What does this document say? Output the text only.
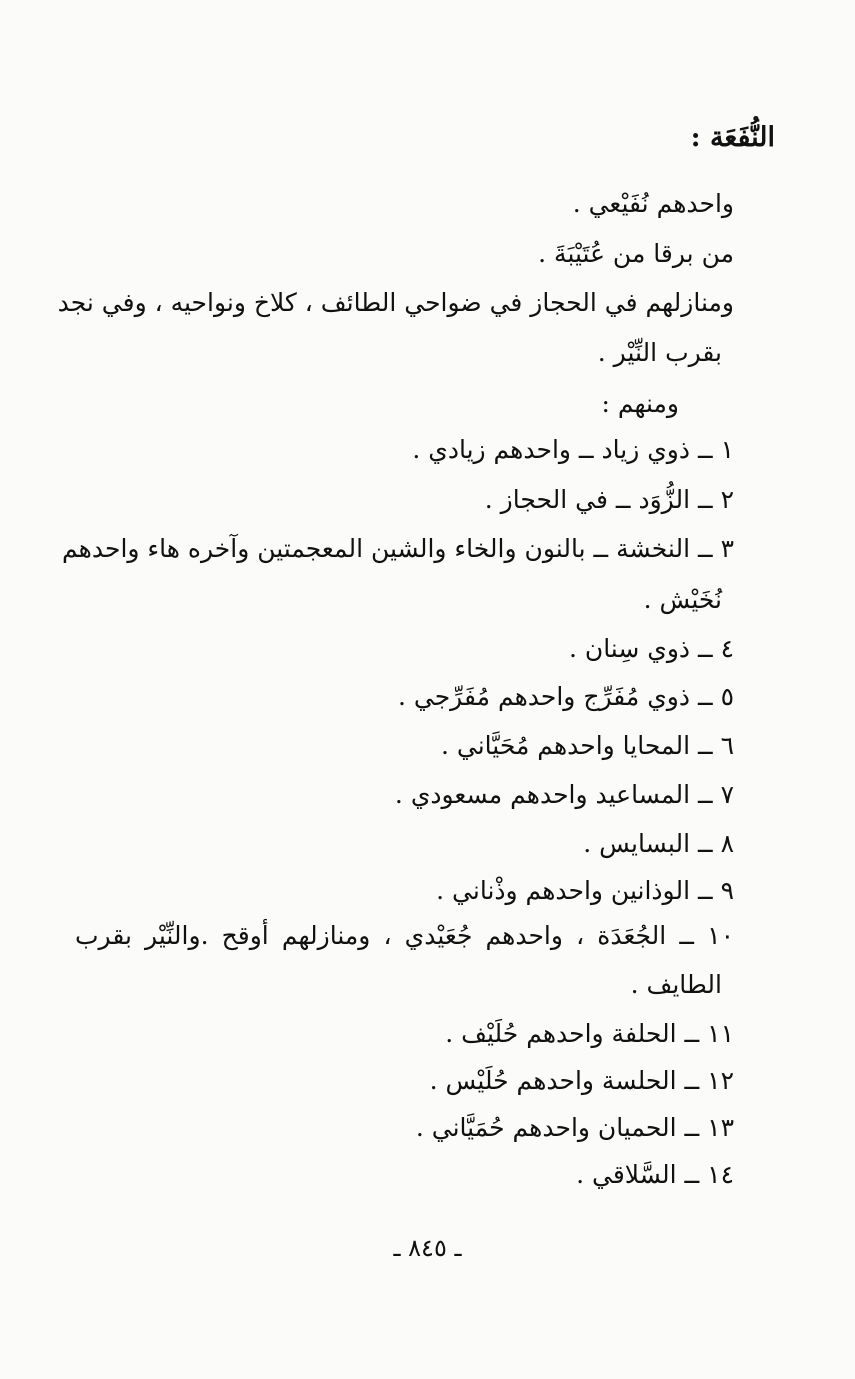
النُّفَعَة :
واحدهم نُفَيْعي .
من برقا من عُتَيْبَةَ .
ومنازلهم في الحجاز في ضواحي الطائف ، كلاخ ونواحيه ، وفي نجد
بقرب النِّيْر .
ومنهم :
١ ــ ذوي زياد ــ واحدهم زيادي .
٢ ــ الزُّوَد ــ في الحجاز .
٣ ــ النخشة ــ بالنون والخاء والشين المعجمتين وآخره هاء واحدهم
نُخَيْش .
٤ ــ ذوي سِنان .
٥ ــ ذوي مُفَرِّج واحدهم مُفَرِّجي .
٦ ــ المحايا واحدهم مُحَيَّاني .
٧ ــ المساعيد واحدهم مسعودي .
٨ ــ البسايس .
٩ ــ الوذانين واحدهم وذْناني .
١٠ ــ الجُعَدَة ، واحدهم جُعَيْدي ، ومنازلهم أوقح .والنِّيْر بقرب
الطايف .
١١ ــ الحلفة واحدهم حُلَيْف .
١٢ ــ الحلسة واحدهم حُلَيْس .
١٣ ــ الحميان واحدهم حُمَيَّاني .
١٤ ــ السَّلاقي .
ـ ٨٤٥ ـ
